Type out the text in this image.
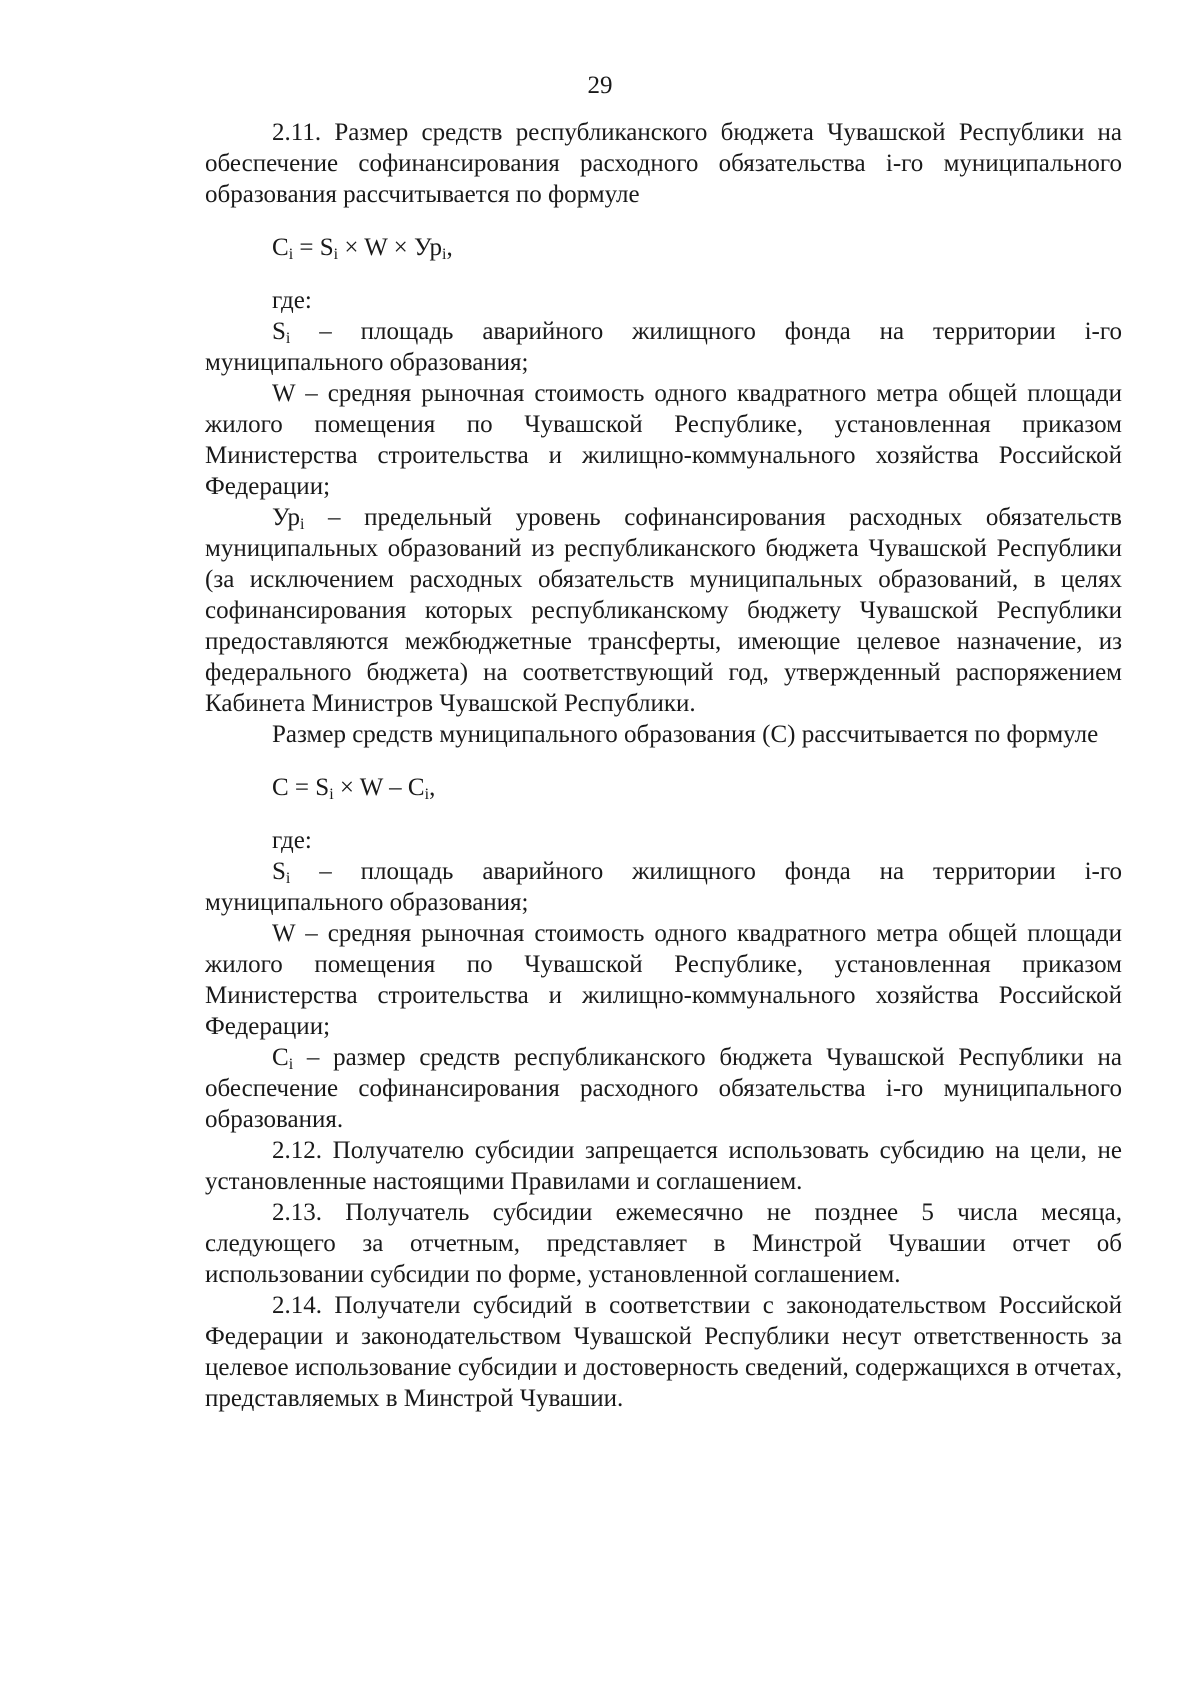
29

2.11. Размер средств республиканского бюджета Чувашской Республики на обеспечение софинансирования расходного обязательства i-го муниципального образования рассчитывается по формуле

$C_i = S_i \times W \times Ур_i$,

где:

$S_i$ – площадь аварийного жилищного фонда на территории i-го муниципального образования;

W – средняя рыночная стоимость одного квадратного метра общей площади жилого помещения по Чувашской Республике, установленная приказом Министерства строительства и жилищно-коммунального хозяйства Российской Федерации;

$Ур_i$ – предельный уровень софинансирования расходных обязательств муниципальных образований из республиканского бюджета Чувашской Республики (за исключением расходных обязательств муниципальных образований, в целях софинансирования которых республиканскому бюджету Чувашской Республики предоставляются межбюджетные трансферты, имеющие целевое назначение, из федерального бюджета) на соответствующий год, утвержденный распоряжением Кабинета Министров Чувашской Республики.

Размер средств муниципального образования (С) рассчитывается по формуле

$С = S_i \times W - C_i$,

где:

$S_i$ – площадь аварийного жилищного фонда на территории i-го муниципального образования;

W – средняя рыночная стоимость одного квадратного метра общей площади жилого помещения по Чувашской Республике, установленная приказом Министерства строительства и жилищно-коммунального хозяйства Российской Федерации;

$C_i$ – размер средств республиканского бюджета Чувашской Республики на обеспечение софинансирования расходного обязательства i-го муниципального образования.

2.12. Получателю субсидии запрещается использовать субсидию на цели, не установленные настоящими Правилами и соглашением.

2.13. Получатель субсидии ежемесячно не позднее 5 числа месяца, следующего за отчетным, представляет в Минстрой Чувашии отчет об использовании субсидии по форме, установленной соглашением.

2.14. Получатели субсидий в соответствии с законодательством Российской Федерации и законодательством Чувашской Республики несут ответственность за целевое использование субсидии и достоверность сведений, содержащихся в отчетах, представляемых в Минстрой Чувашии.
